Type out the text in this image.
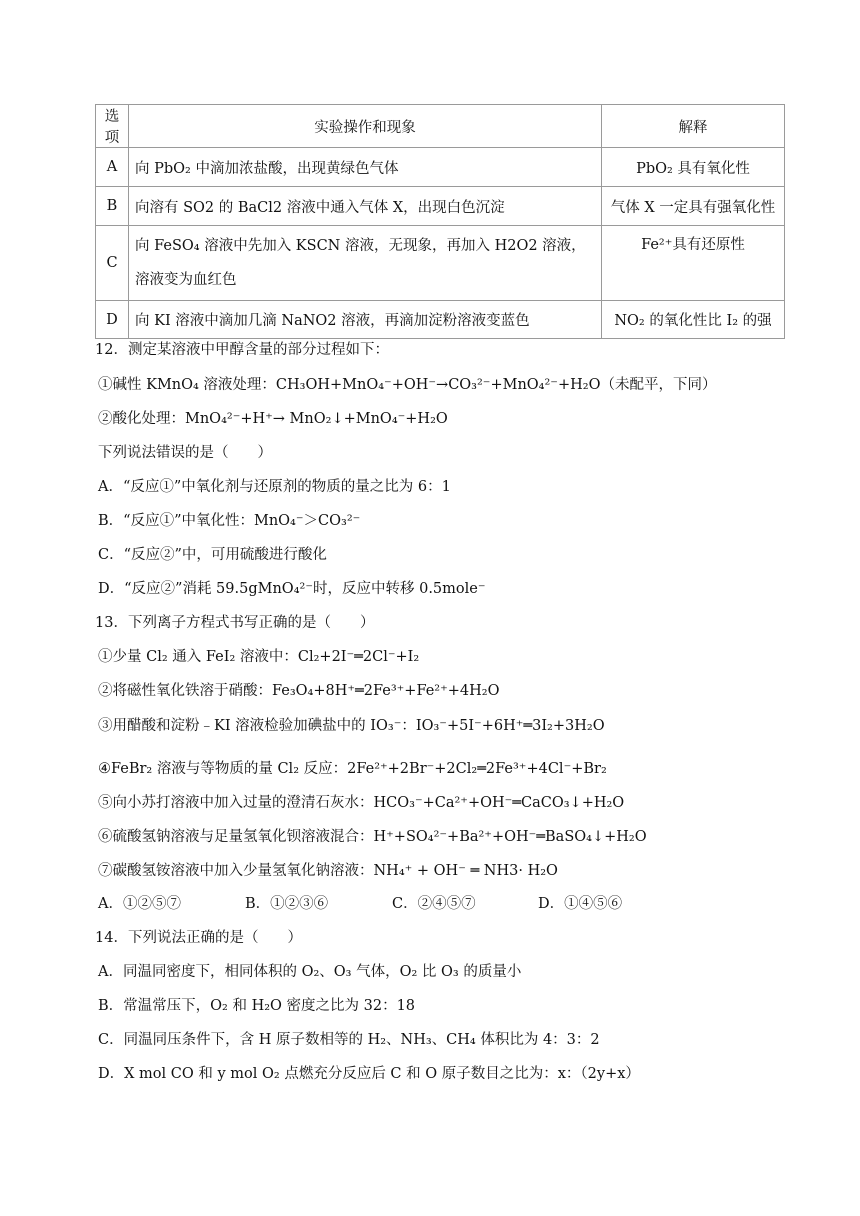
选项	实验操作和现象	解释
A	向 PbO₂ 中滴加浓盐酸，出现黄绿色气体	PbO₂ 具有氧化性
B	向溶有 SO2 的 BaCl2 溶液中通入气体 X，出现白色沉淀	气体 X 一定具有强氧化性
C	向 FeSO₄ 溶液中先加入 KSCN 溶液，无现象，再加入 H2O2 溶液，溶液变为血红色	Fe²⁺具有还原性
D	向 KI 溶液中滴加几滴 NaNO2 溶液，再滴加淀粉溶液变蓝色	NO₂ 的氧化性比 I₂ 的强
12．测定某溶液中甲醇含量的部分过程如下：
①碱性 KMnO₄ 溶液处理：CH₃OH+MnO₄⁻+OH⁻→CO₃²⁻+MnO₄²⁻+H₂O（未配平，下同）
②酸化处理：MnO₄²⁻+H⁺→ MnO₂↓+MnO₄⁻+H₂O
下列说法错误的是（　　）
A．“反应①”中氧化剂与还原剂的物质的量之比为 6：1
B．“反应①”中氧化性：MnO₄⁻＞CO₃²⁻
C．“反应②”中，可用硫酸进行酸化
D．“反应②”消耗 59.5gMnO₄²⁻时，反应中转移 0.5mole⁻
13．下列离子方程式书写正确的是（　　）
①少量 Cl₂ 通入 FeI₂ 溶液中：Cl₂+2I⁻═2Cl⁻+I₂
②将磁性氧化铁溶于硝酸：Fe₃O₄+8H⁺═2Fe³⁺+Fe²⁺+4H₂O
③用醋酸和淀粉﹣KI 溶液检验加碘盐中的 IO₃⁻：IO₃⁻+5I⁻+6H⁺═3I₂+3H₂O
④FeBr₂ 溶液与等物质的量 Cl₂ 反应：2Fe²⁺+2Br⁻+2Cl₂═2Fe³⁺+4Cl⁻+Br₂
⑤向小苏打溶液中加入过量的澄清石灰水：HCO₃⁻+Ca²⁺+OH⁻═CaCO₃↓+H₂O
⑥硫酸氢钠溶液与足量氢氧化钡溶液混合：H⁺+SO₄²⁻+Ba²⁺+OH⁻═BaSO₄↓+H₂O
⑦碳酸氢铵溶液中加入少量氢氧化钠溶液：NH₄⁺ + OH⁻ ═ NH3· H₂O
A．①②⑤⑦	B．①②③⑥	C．②④⑤⑦	D．①④⑤⑥
14．下列说法正确的是（　　）
A．同温同密度下，相同体积的 O₂、O₃ 气体，O₂ 比 O₃ 的质量小
B．常温常压下，O₂ 和 H₂O 密度之比为 32：18
C．同温同压条件下，含 H 原子数相等的 H₂、NH₃、CH₄ 体积比为 4：3：2
D．X mol CO 和 y mol O₂ 点燃充分反应后 C 和 O 原子数目之比为：x：（2y+x）
